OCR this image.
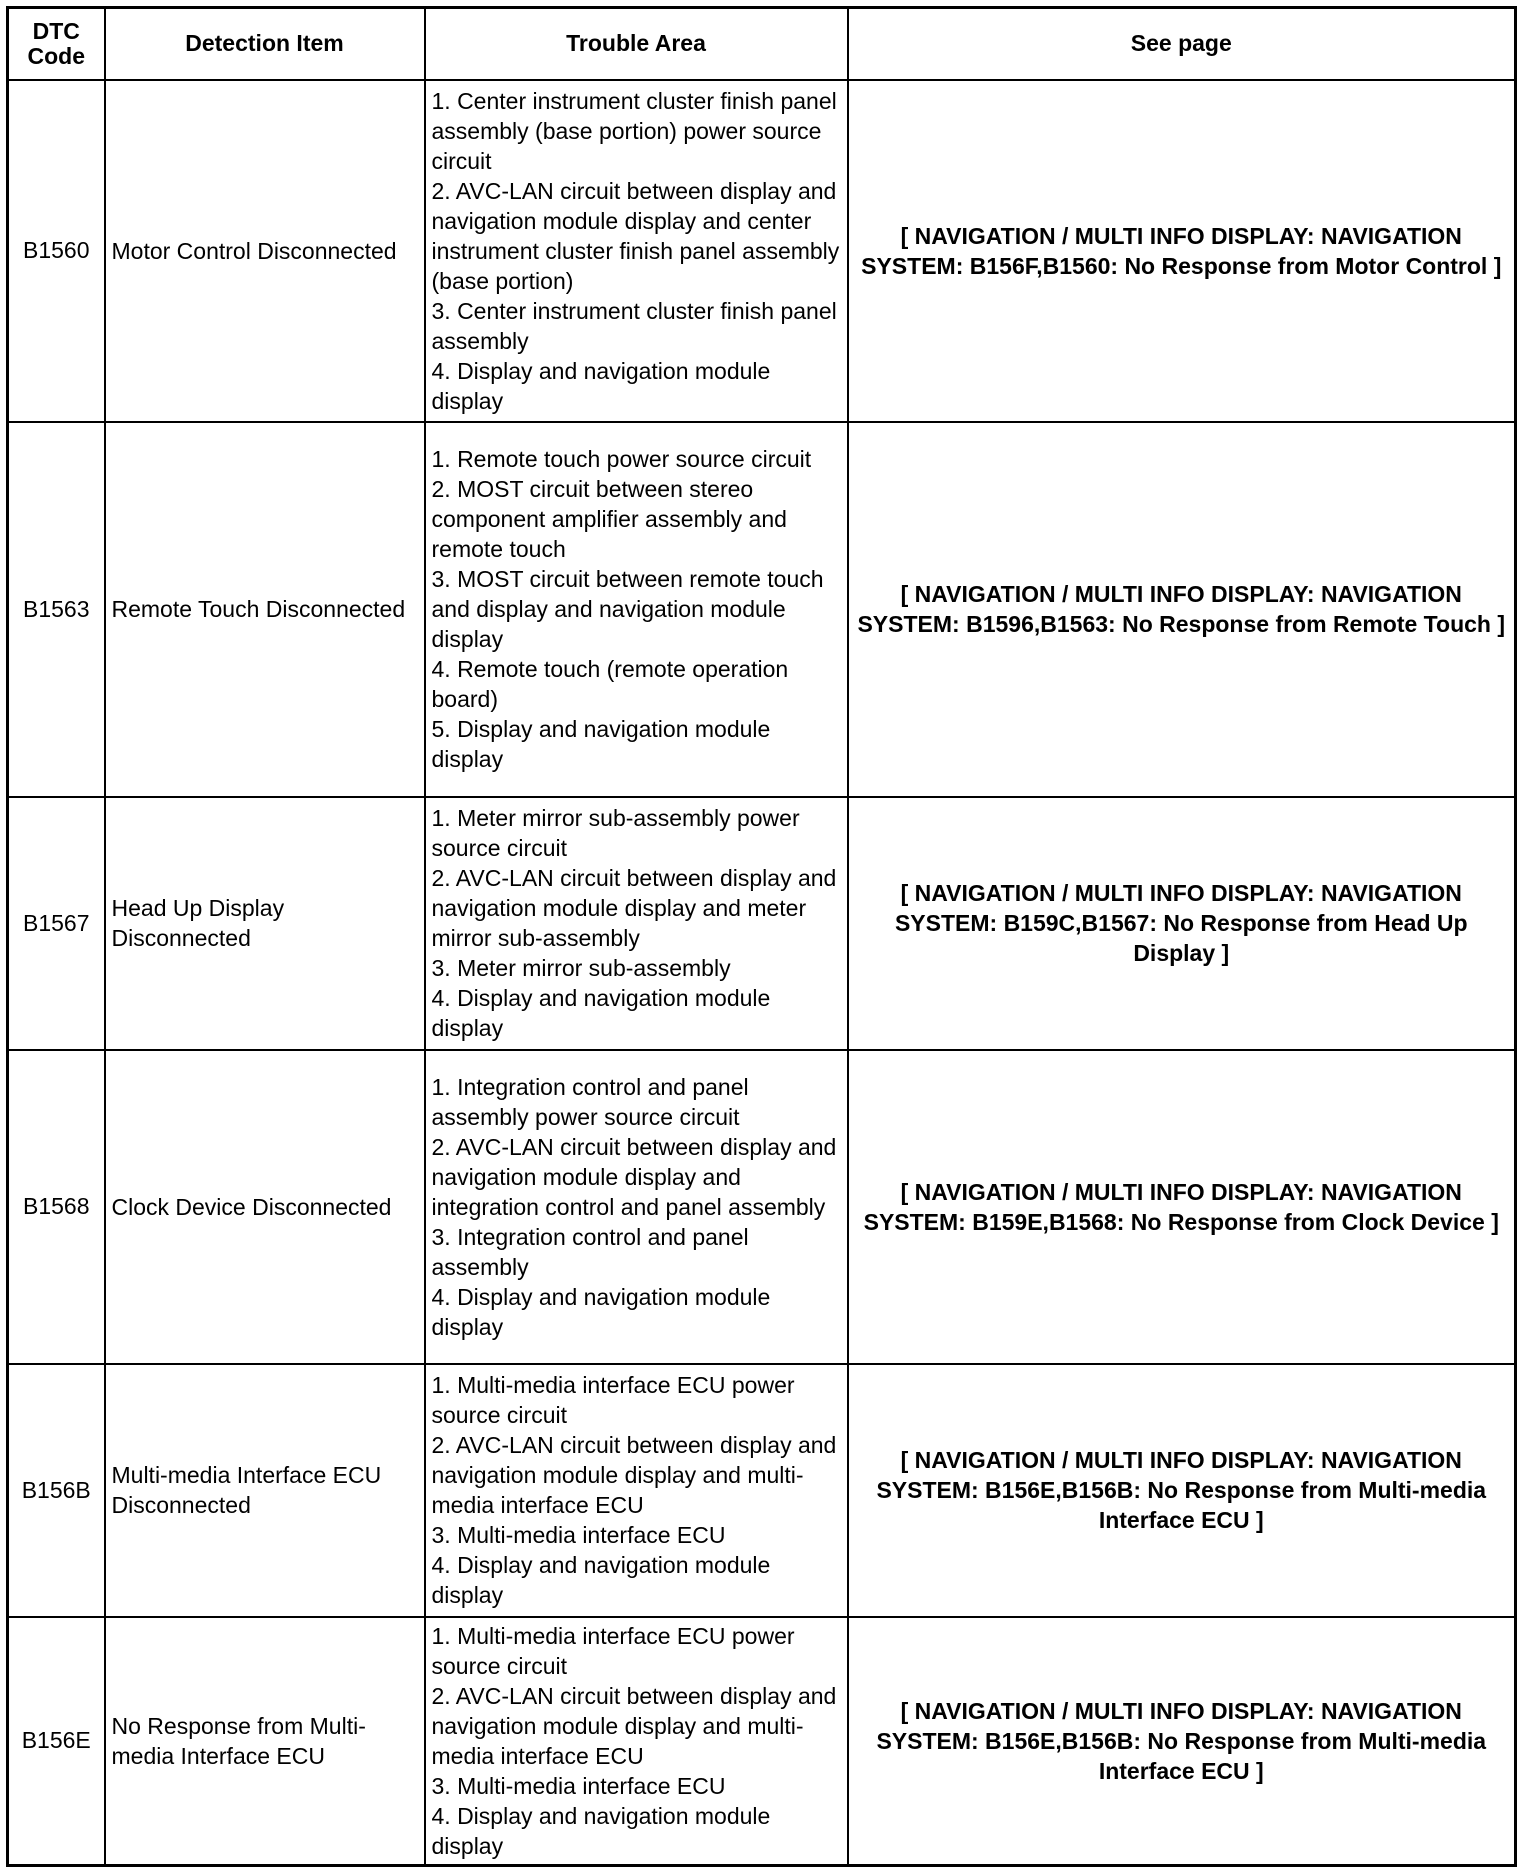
DTC Code	Detection Item	Trouble Area	See page
B1560	Motor Control Disconnected	1. Center instrument cluster finish panel assembly (base portion) power source circuit
2. AVC-LAN circuit between display and navigation module display and center instrument cluster finish panel assembly (base portion)
3. Center instrument cluster finish panel assembly
4. Display and navigation module display	[ NAVIGATION / MULTI INFO DISPLAY: NAVIGATION SYSTEM: B156F,B1560: No Response from Motor Control ]
B1563	Remote Touch Disconnected	1. Remote touch power source circuit
2. MOST circuit between stereo component amplifier assembly and remote touch
3. MOST circuit between remote touch and display and navigation module display
4. Remote touch (remote operation board)
5. Display and navigation module display	[ NAVIGATION / MULTI INFO DISPLAY: NAVIGATION SYSTEM: B1596,B1563: No Response from Remote Touch ]
B1567	Head Up Display Disconnected	1. Meter mirror sub-assembly power source circuit
2. AVC-LAN circuit between display and navigation module display and meter mirror sub-assembly
3. Meter mirror sub-assembly
4. Display and navigation module display	[ NAVIGATION / MULTI INFO DISPLAY: NAVIGATION SYSTEM: B159C,B1567: No Response from Head Up Display ]
B1568	Clock Device Disconnected	1. Integration control and panel assembly power source circuit
2. AVC-LAN circuit between display and navigation module display and integration control and panel assembly
3. Integration control and panel assembly
4. Display and navigation module display	[ NAVIGATION / MULTI INFO DISPLAY: NAVIGATION SYSTEM: B159E,B1568: No Response from Clock Device ]
B156B	Multi-media Interface ECU Disconnected	1. Multi-media interface ECU power source circuit
2. AVC-LAN circuit between display and navigation module display and multi-media interface ECU
3. Multi-media interface ECU
4. Display and navigation module display	[ NAVIGATION / MULTI INFO DISPLAY: NAVIGATION SYSTEM: B156E,B156B: No Response from Multi-media Interface ECU ]
B156E	No Response from Multi-media Interface ECU	1. Multi-media interface ECU power source circuit
2. AVC-LAN circuit between display and navigation module display and multi-media interface ECU
3. Multi-media interface ECU
4. Display and navigation module display	[ NAVIGATION / MULTI INFO DISPLAY: NAVIGATION SYSTEM: B156E,B156B: No Response from Multi-media Interface ECU ]
